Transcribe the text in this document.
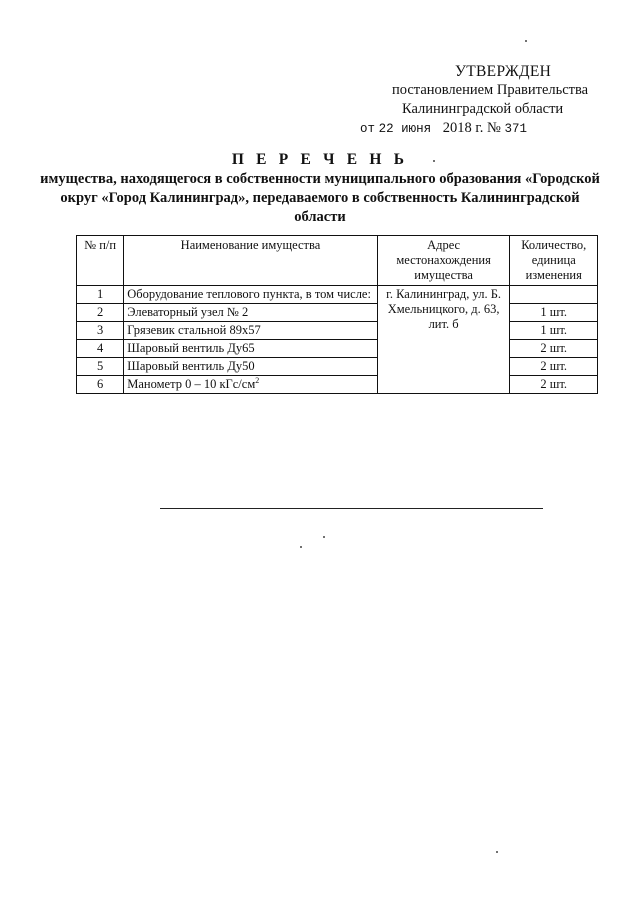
УТВЕРЖДЕН
постановлением Правительства
Калининградской области
от 22 июня 2018 г. № 371
П Е Р Е Ч Е Н Ь
имущества, находящегося в собственности муниципального образования «Городской округ «Город Калининград», передаваемого в собственность Калининградской области
№ п/п	Наименование имущества	Адрес местонахождения имущества	Количество, единица изменения
1	Оборудование теплового пункта, в том числе:	г. Калининград, ул. Б. Хмельницкого, д. 63, лит. б	
2	Элеваторный узел № 2		1 шт.
3	Грязевик стальной 89х57		1 шт.
4	Шаровый вентиль Ду65		2 шт.
5	Шаровый вентиль Ду50		2 шт.
6	Манометр 0 – 10 кГс/$см^2$		2 шт.
